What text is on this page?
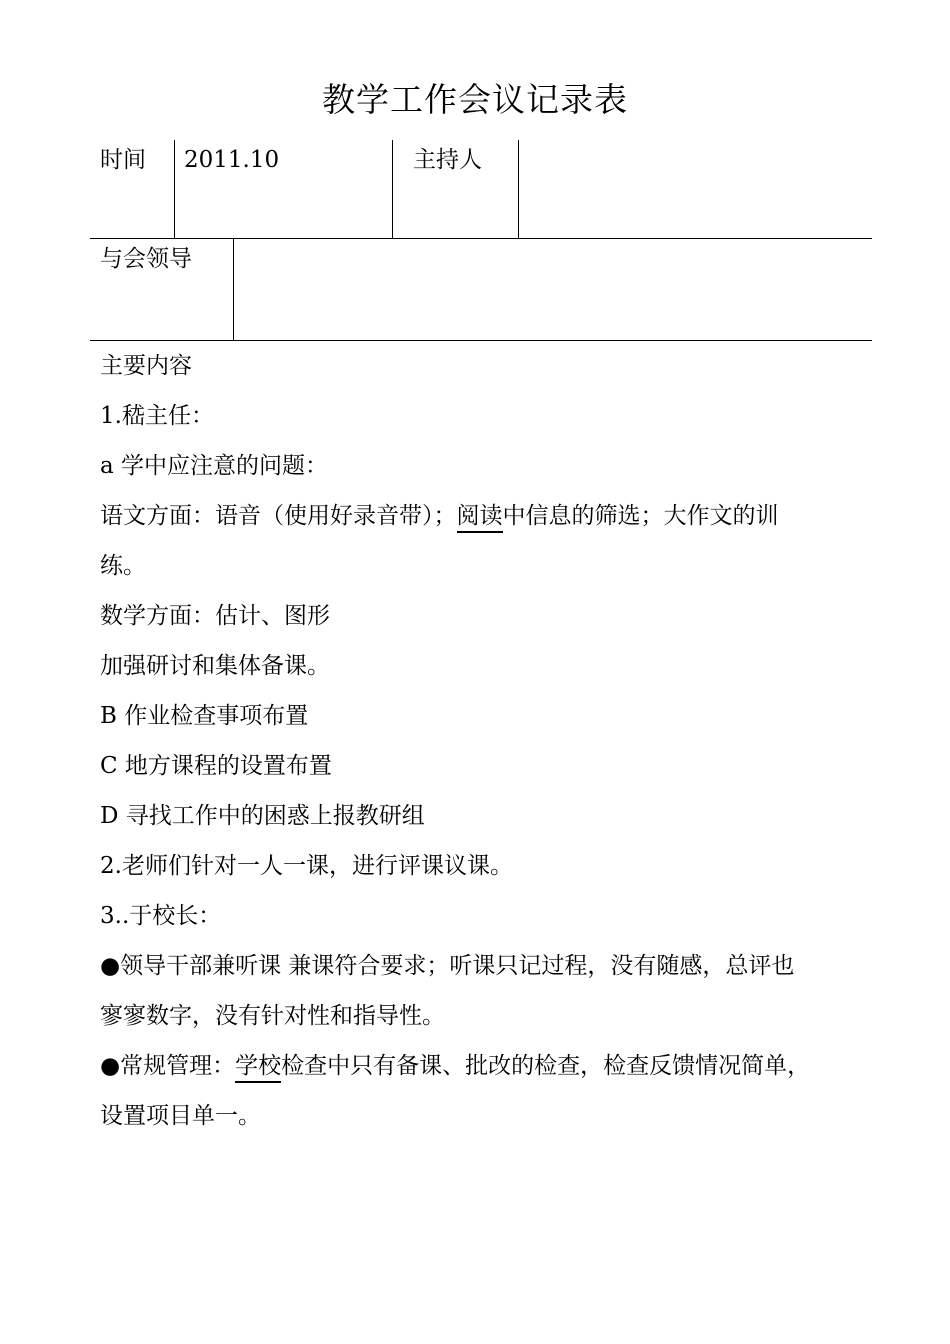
教学工作会议记录表
时间 2011.10	主持人
与会领导
主要内容
1.嵇主任：
a 学中应注意的问题：
语文方面：语音（使用好录音带）；阅读中信息的筛选；大作文的训
练。
数学方面：估计、图形
加强研讨和集体备课。
B 作业检查事项布置
C 地方课程的设置布置
D 寻找工作中的困惑上报教研组
2.老师们针对一人一课，进行评课议课。
3..于校长：
●领导干部兼听课 兼课符合要求；听课只记过程，没有随感，总评也
寥寥数字，没有针对性和指导性。
●常规管理：学校检查中只有备课、批改的检查，检查反馈情况简单，
设置项目单一。
